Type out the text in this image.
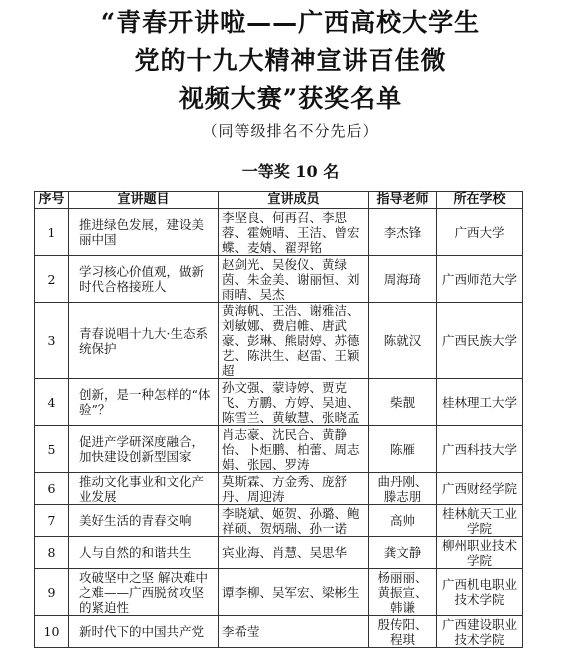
“青春开讲啦——广西高校大学生
党的十九大精神宣讲百佳微
视频大赛”获奖名单
（同等级排名不分先后）
一等奖 10 名
序号	宣讲题目	宣讲成员	指导老师	所在学校
1	推进绿色发展，建设美丽中国	李坚良、何再召、李思蓉、霍婉晴、王洁、曾宏蝶、麦婧、翟羿铭	李杰锋	广西大学
2	学习核心价值观，做新时代合格接班人	赵剑光、吴俊仪、黄绿茵、朱金美、谢丽恒、刘雨晴、吴杰	周海琦	广西师范大学
3	青春说唱十九大·生态系统保护	黄海帆、王浩、谢雅洁、刘敏娜、费启帷、唐武豪、彭琳、熊尉婷、苏德艺、陈洪生、赵雷、王颖超	陈就汉	广西民族大学
4	创新，是一种怎样的“体验”？	孙文强、蒙诗婷、贾克飞、方鹏、方婷、吴迪、陈雪兰、黄敏慧、张晓孟	柴靓	桂林理工大学
5	促进产学研深度融合，加快建设创新型国家	肖志豪、沈民合、黄静怡、卜炬鹏、柏蕾、周志娟、张园、罗涛	陈雁	广西科技大学
6	推动文化事业和文化产业发展	莫斯霖、方金秀、庞舒丹、周迎涛	曲丹刚、滕志朋	广西财经学院
7	美好生活的青春交响	李晓斌、姬贺、孙璐、鲍祥硕、贺炳瑞、孙一诺	高帅	桂林航天工业学院
8	人与自然的和谐共生	宾业海、肖慧、吴思华	龚文静	柳州职业技术学院
9	攻破坚中之坚 解决难中之难——广西脱贫攻坚的紧迫性	谭李柳、吴军宏、梁彬生	杨丽丽、黄振宣、韩谦	广西机电职业技术学院
10	新时代下的中国共产党	李希莹	殷传阳、程琪	广西建设职业技术学院
